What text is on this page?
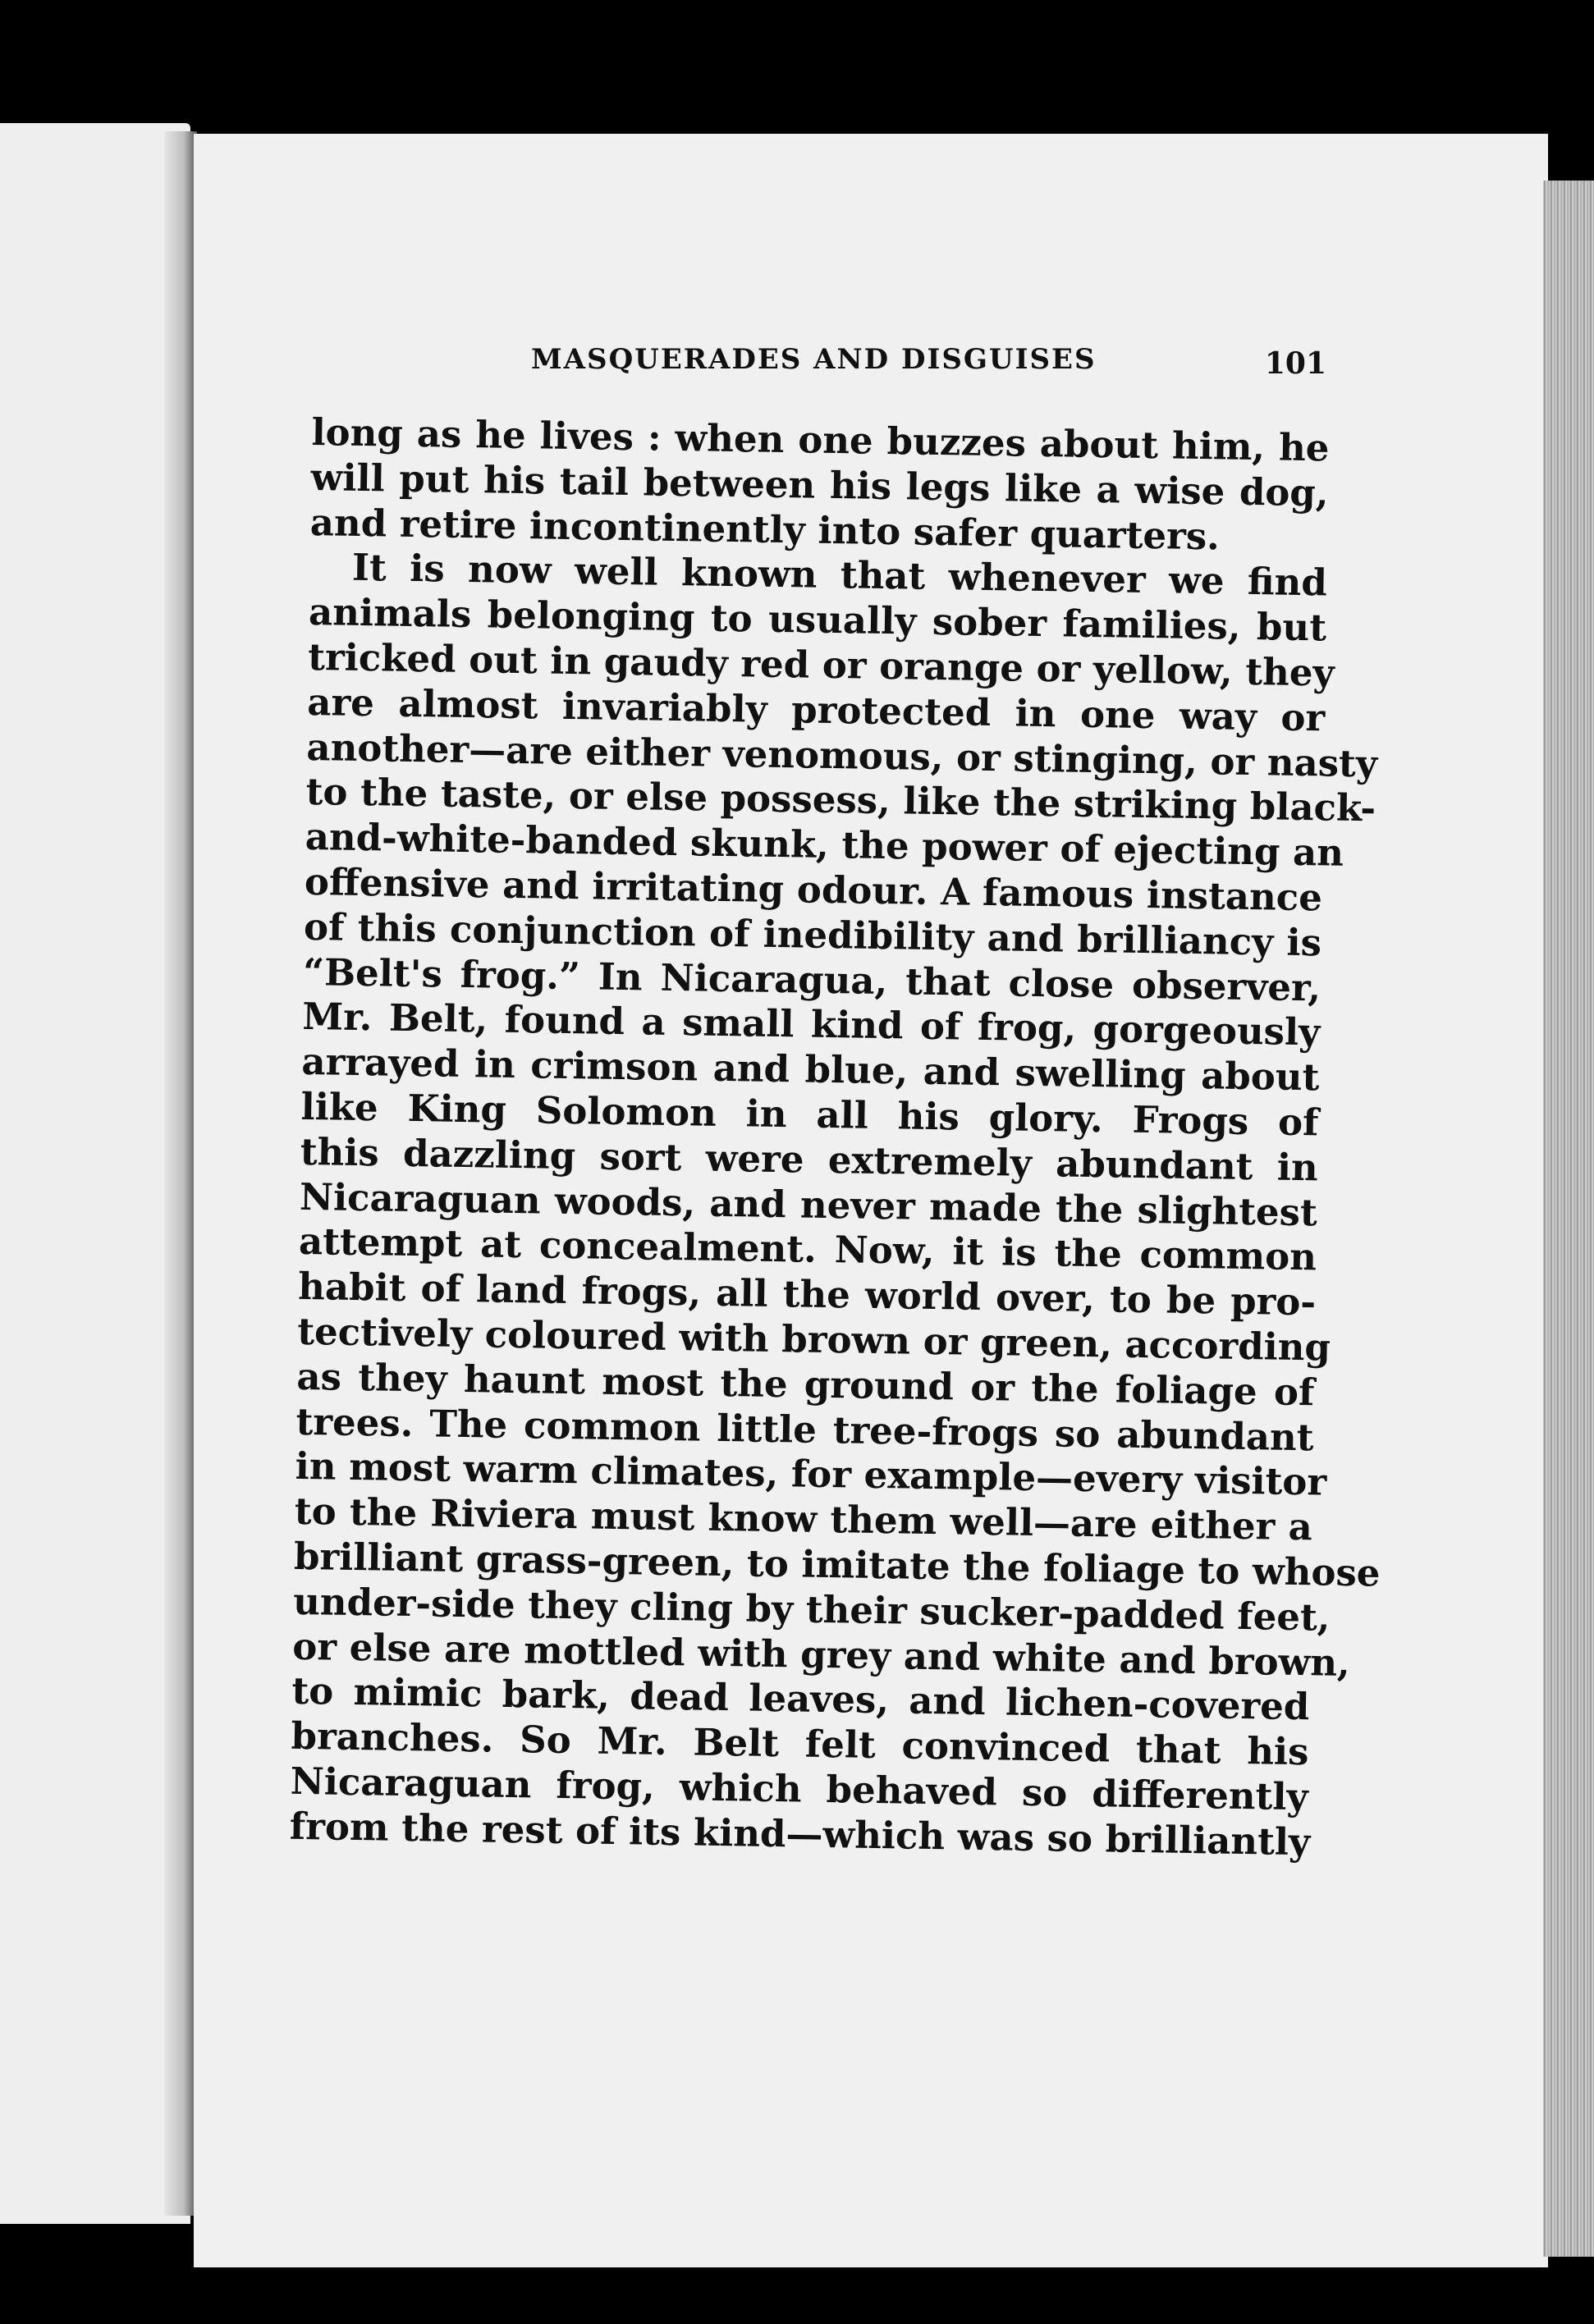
MASQUERADES AND DISGUISES	101
long as he lives : when one buzzes about him, he
will put his tail between his legs like a wise dog,
and retire incontinently into safer quarters.
It is now well known that whenever we find
animals belonging to usually sober families, but
tricked out in gaudy red or orange or yellow, they
are almost invariably protected in one way or
another—are either venomous, or stinging, or nasty
to the taste, or else possess, like the striking black-
and-white-banded skunk, the power of ejecting an
offensive and irritating odour. A famous instance
of this conjunction of inedibility and brilliancy is
“Belt's frog.” In Nicaragua, that close observer,
Mr. Belt, found a small kind of frog, gorgeously
arrayed in crimson and blue, and swelling about
like King Solomon in all his glory. Frogs of
this dazzling sort were extremely abundant in
Nicaraguan woods, and never made the slightest
attempt at concealment. Now, it is the common
habit of land frogs, all the world over, to be pro-
tectively coloured with brown or green, according
as they haunt most the ground or the foliage of
trees. The common little tree-frogs so abundant
in most warm climates, for example—every visitor
to the Riviera must know them well—are either a
brilliant grass-green, to imitate the foliage to whose
under-side they cling by their sucker-padded feet,
or else are mottled with grey and white and brown,
to mimic bark, dead leaves, and lichen-covered
branches. So Mr. Belt felt convinced that his
Nicaraguan frog, which behaved so differently
from the rest of its kind—which was so brilliantly
